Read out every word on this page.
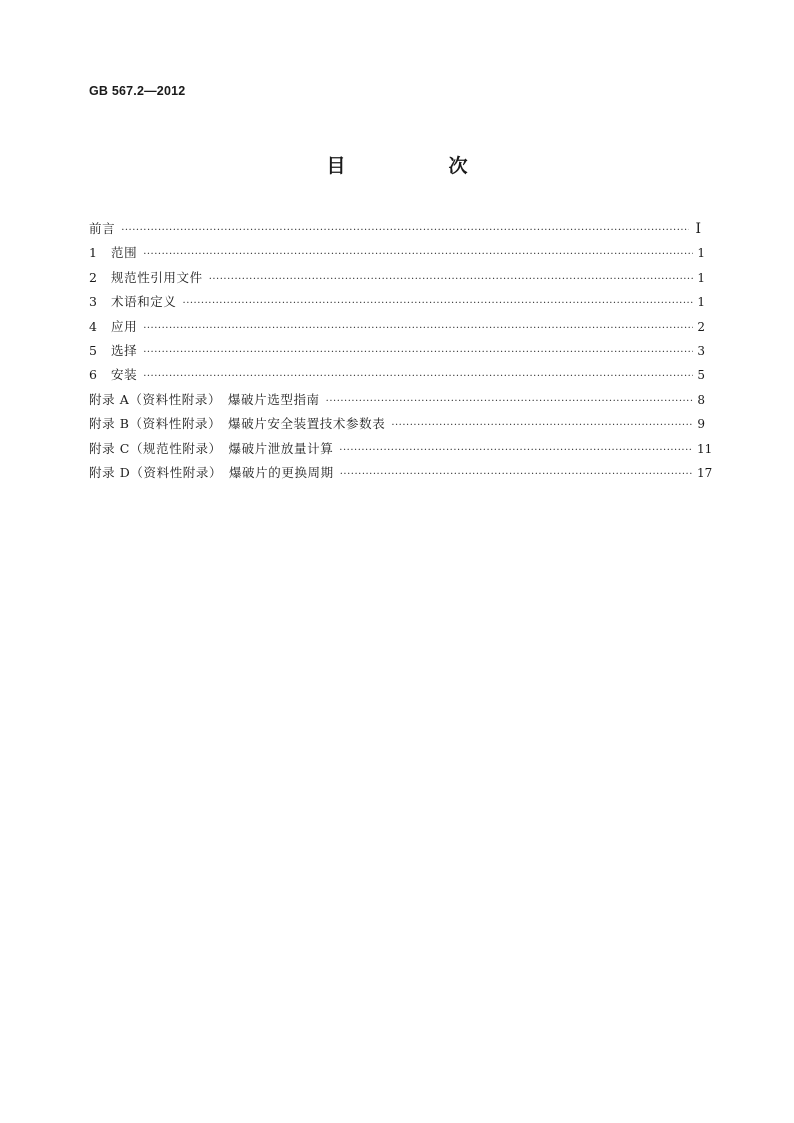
GB 567.2—2012
目　次
前言 ·····	Ⅰ
1	范围 ·····	1
2	规范性引用文件 ·····	1
3	术语和定义 ·····	1
4	应用 ·····	2
5	选择 ·····	3
6	安装 ·····	5
附录 A（资料性附录）　爆破片选型指南 ·····	8
附录 B（资料性附录）　爆破片安全装置技术参数表 ·····	9
附录 C（规范性附录）　爆破片泄放量计算 ·····	11
附录 D（资料性附录）　爆破片的更换周期 ·····	17
